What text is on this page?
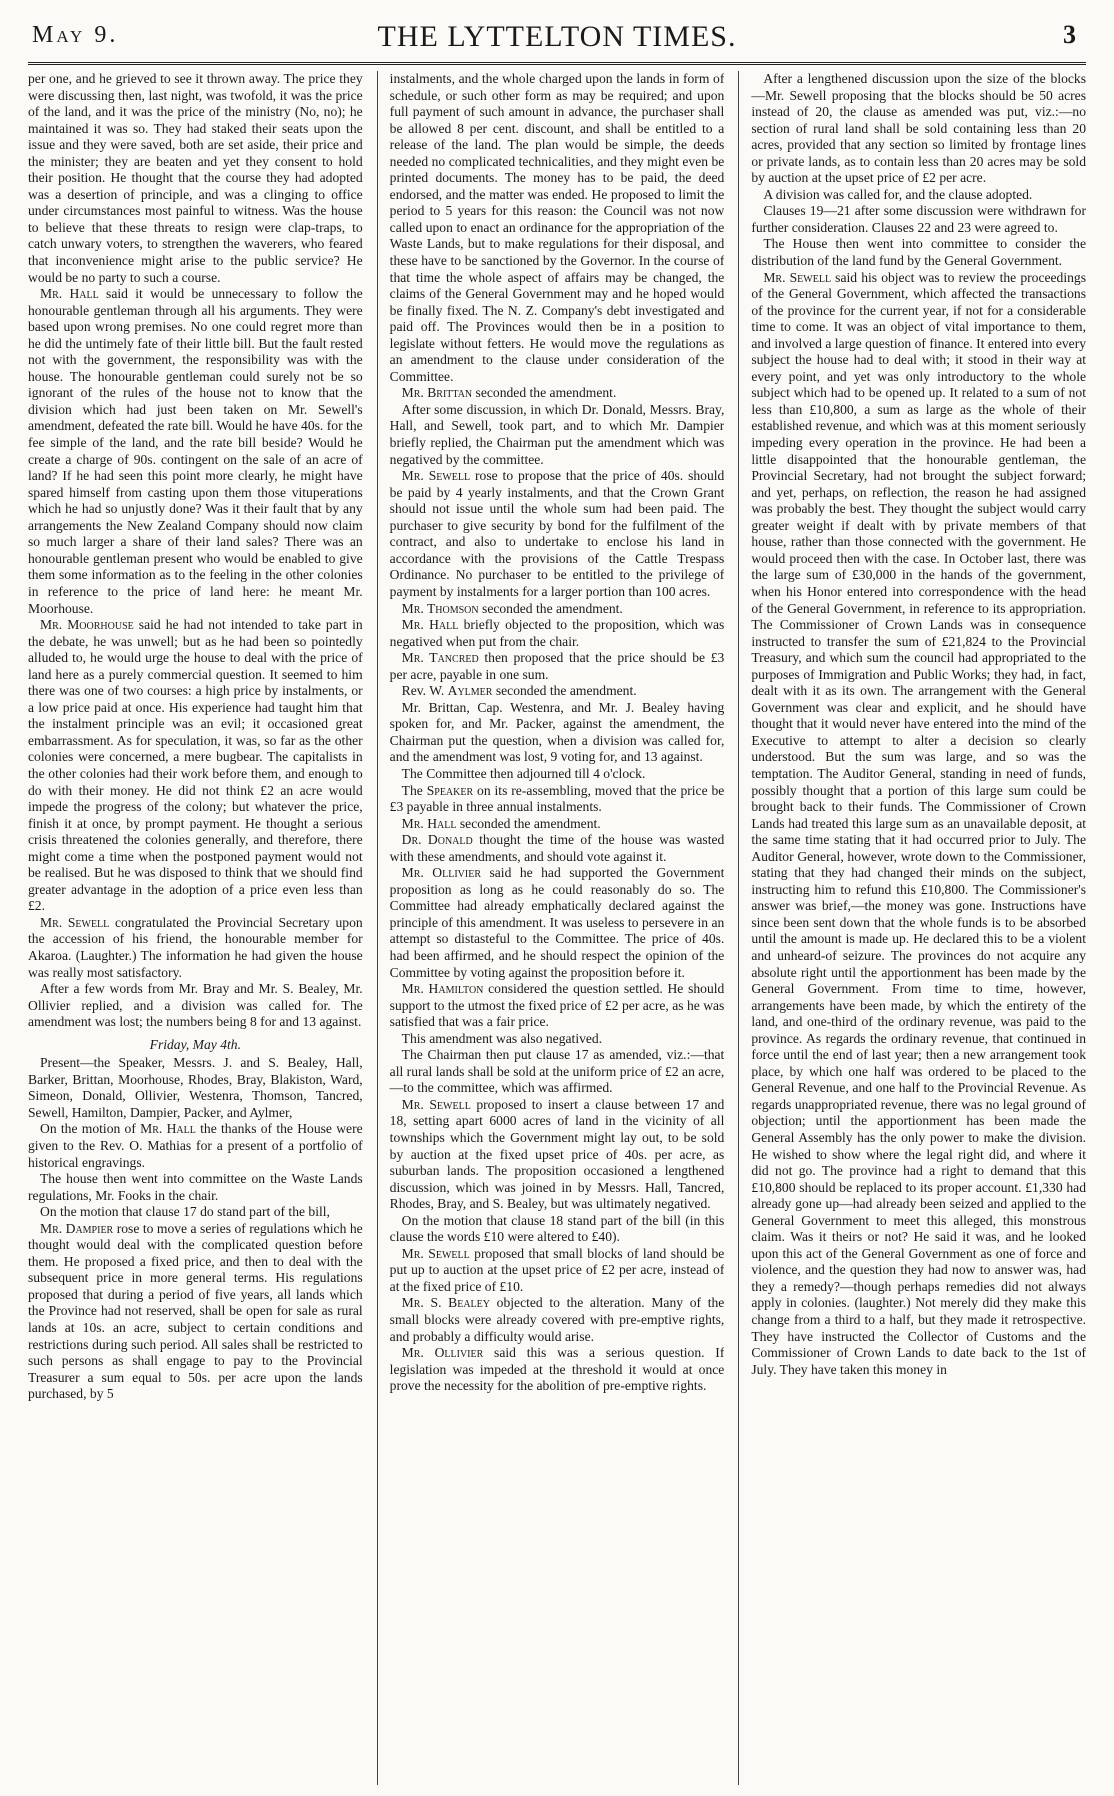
May 9.	THE LYTTELTON TIMES.	3

per one, and he grieved to see it thrown away. The price they were discussing then, last night, was twofold, it was the price of the land, and it was the price of the ministry (No, no); he maintained it was so. They had staked their seats upon the issue and they were saved, both are set aside, their price and the minister; they are beaten and yet they consent to hold their position. He thought that the course they had adopted was a desertion of principle, and was a clinging to office under circumstances most painful to witness. Was the house to believe that these threats to resign were clap-traps, to catch unwary voters, to strengthen the waverers, who feared that inconvenience might arise to the public service? He would be no party to such a course.

Mr. Hall said it would be unnecessary to follow the honourable gentleman through all his arguments. They were based upon wrong premises. No one could regret more than he did the untimely fate of their little bill. But the fault rested not with the government, the responsibility was with the house. The honourable gentleman could surely not be so ignorant of the rules of the house not to know that the division which had just been taken on Mr. Sewell's amendment, defeated the rate bill. Would he have 40s. for the fee simple of the land, and the rate bill beside? Would he create a charge of 90s. contingent on the sale of an acre of land? If he had seen this point more clearly, he might have spared himself from casting upon them those vituperations which he had so unjustly done? Was it their fault that by any arrangements the New Zealand Company should now claim so much larger a share of their land sales? There was an honourable gentleman present who would be enabled to give them some information as to the feeling in the other colonies in reference to the price of land here: he meant Mr. Moorhouse.

Mr. Moorhouse said he had not intended to take part in the debate, he was unwell; but as he had been so pointedly alluded to, he would urge the house to deal with the price of land here as a purely commercial question. It seemed to him there was one of two courses: a high price by instalments, or a low price paid at once. His experience had taught him that the instalment principle was an evil; it occasioned great embarrassment. As for speculation, it was, so far as the other colonies were concerned, a mere bugbear. The capitalists in the other colonies had their work before them, and enough to do with their money. He did not think £2 an acre would impede the progress of the colony; but whatever the price, finish it at once, by prompt payment. He thought a serious crisis threatened the colonies generally, and therefore, there might come a time when the postponed payment would not be realised. But he was disposed to think that we should find greater advantage in the adoption of a price even less than £2.

Mr. Sewell congratulated the Provincial Secretary upon the accession of his friend, the honourable member for Akaroa. (Laughter.) The information he had given the house was really most satisfactory.

After a few words from Mr. Bray and Mr. S. Bealey, Mr. Ollivier replied, and a division was called for. The amendment was lost; the numbers being 8 for and 13 against.

Friday, May 4th.

Present—the Speaker, Messrs. J. and S. Bealey, Hall, Barker, Brittan, Moorhouse, Rhodes, Bray, Blakiston, Ward, Simeon, Donald, Ollivier, Westenra, Thomson, Tancred, Sewell, Hamilton, Dampier, Packer, and Aylmer,

On the motion of Mr. Hall the thanks of the House were given to the Rev. O. Mathias for a present of a portfolio of historical engravings.

The house then went into committee on the Waste Lands regulations, Mr. Fooks in the chair.

On the motion that clause 17 do stand part of the bill,

Mr. Dampier rose to move a series of regulations which he thought would deal with the complicated question before them. He proposed a fixed price, and then to deal with the subsequent price in more general terms. His regulations proposed that during a period of five years, all lands which the Province had not reserved, shall be open for sale as rural lands at 10s. an acre, subject to certain conditions and restrictions during such period. All sales shall be restricted to such persons as shall engage to pay to the Provincial Treasurer a sum equal to 50s. per acre upon the lands purchased, by 5

instalments, and the whole charged upon the lands in form of schedule, or such other form as may be required; and upon full payment of such amount in advance, the purchaser shall be allowed 8 per cent. discount, and shall be entitled to a release of the land. The plan would be simple, the deeds needed no complicated technicalities, and they might even be printed documents. The money has to be paid, the deed endorsed, and the matter was ended. He proposed to limit the period to 5 years for this reason: the Council was not now called upon to enact an ordinance for the appropriation of the Waste Lands, but to make regulations for their disposal, and these have to be sanctioned by the Governor. In the course of that time the whole aspect of affairs may be changed, the claims of the General Government may and he hoped would be finally fixed. The N. Z. Company's debt investigated and paid off. The Provinces would then be in a position to legislate without fetters. He would move the regulations as an amendment to the clause under consideration of the Committee.

Mr. Brittan seconded the amendment.

After some discussion, in which Dr. Donald, Messrs. Bray, Hall, and Sewell, took part, and to which Mr. Dampier briefly replied, the Chairman put the amendment which was negatived by the committee.

Mr. Sewell rose to propose that the price of 40s. should be paid by 4 yearly instalments, and that the Crown Grant should not issue until the whole sum had been paid. The purchaser to give security by bond for the fulfilment of the contract, and also to undertake to enclose his land in accordance with the provisions of the Cattle Trespass Ordinance. No purchaser to be entitled to the privilege of payment by instalments for a larger portion than 100 acres.

Mr. Thomson seconded the amendment.

Mr. Hall briefly objected to the proposition, which was negatived when put from the chair.

Mr. Tancred then proposed that the price should be £3 per acre, payable in one sum.

Rev. W. Aylmer seconded the amendment.

Mr. Brittan, Cap. Westenra, and Mr. J. Bealey having spoken for, and Mr. Packer, against the amendment, the Chairman put the question, when a division was called for, and the amendment was lost, 9 voting for, and 13 against.

The Committee then adjourned till 4 o'clock.

The Speaker on its re-assembling, moved that the price be £3 payable in three annual instalments.

Mr. Hall seconded the amendment.

Dr. Donald thought the time of the house was wasted with these amendments, and should vote against it.

Mr. Ollivier said he had supported the Government proposition as long as he could reasonably do so. The Committee had already emphatically declared against the principle of this amendment. It was useless to persevere in an attempt so distasteful to the Committee. The price of 40s. had been affirmed, and he should respect the opinion of the Committee by voting against the proposition before it.

Mr. Hamilton considered the question settled. He should support to the utmost the fixed price of £2 per acre, as he was satisfied that was a fair price.

This amendment was also negatived.

The Chairman then put clause 17 as amended, viz.:—that all rural lands shall be sold at the uniform price of £2 an acre,—to the committee, which was affirmed.

Mr. Sewell proposed to insert a clause between 17 and 18, setting apart 6000 acres of land in the vicinity of all townships which the Government might lay out, to be sold by auction at the fixed upset price of 40s. per acre, as suburban lands. The proposition occasioned a lengthened discussion, which was joined in by Messrs. Hall, Tancred, Rhodes, Bray, and S. Bealey, but was ultimately negatived.

On the motion that clause 18 stand part of the bill (in this clause the words £10 were altered to £40).

Mr. Sewell proposed that small blocks of land should be put up to auction at the upset price of £2 per acre, instead of at the fixed price of £10.

Mr. S. Bealey objected to the alteration. Many of the small blocks were already covered with pre-emptive rights, and probably a difficulty would arise.

Mr. Ollivier said this was a serious question. If legislation was impeded at the threshold it would at once prove the necessity for the abolition of pre-emptive rights.

After a lengthened discussion upon the size of the blocks—Mr. Sewell proposing that the blocks should be 50 acres instead of 20, the clause as amended was put, viz.:—no section of rural land shall be sold containing less than 20 acres, provided that any section so limited by frontage lines or private lands, as to contain less than 20 acres may be sold by auction at the upset price of £2 per acre.

A division was called for, and the clause adopted.

Clauses 19—21 after some discussion were withdrawn for further consideration. Clauses 22 and 23 were agreed to.

The House then went into committee to consider the distribution of the land fund by the General Government.

Mr. Sewell said his object was to review the proceedings of the General Government, which affected the transactions of the province for the current year, if not for a considerable time to come. It was an object of vital importance to them, and involved a large question of finance. It entered into every subject the house had to deal with; it stood in their way at every point, and yet was only introductory to the whole subject which had to be opened up. It related to a sum of not less than £10,800, a sum as large as the whole of their established revenue, and which was at this moment seriously impeding every operation in the province. He had been a little disappointed that the honourable gentleman, the Provincial Secretary, had not brought the subject forward; and yet, perhaps, on reflection, the reason he had assigned was probably the best. They thought the subject would carry greater weight if dealt with by private members of that house, rather than those connected with the government. He would proceed then with the case. In October last, there was the large sum of £30,000 in the hands of the government, when his Honor entered into correspondence with the head of the General Government, in reference to its appropriation. The Commissioner of Crown Lands was in consequence instructed to transfer the sum of £21,824 to the Provincial Treasury, and which sum the council had appropriated to the purposes of Immigration and Public Works; they had, in fact, dealt with it as its own. The arrangement with the General Government was clear and explicit, and he should have thought that it would never have entered into the mind of the Executive to attempt to alter a decision so clearly understood. But the sum was large, and so was the temptation. The Auditor General, standing in need of funds, possibly thought that a portion of this large sum could be brought back to their funds. The Commissioner of Crown Lands had treated this large sum as an unavailable deposit, at the same time stating that it had occurred prior to July. The Auditor General, however, wrote down to the Commissioner, stating that they had changed their minds on the subject, instructing him to refund this £10,800. The Commissioner's answer was brief,—the money was gone. Instructions have since been sent down that the whole funds is to be absorbed until the amount is made up. He declared this to be a violent and unheard-of seizure. The provinces do not acquire any absolute right until the apportionment has been made by the General Government. From time to time, however, arrangements have been made, by which the entirety of the land, and one-third of the ordinary revenue, was paid to the province. As regards the ordinary revenue, that continued in force until the end of last year; then a new arrangement took place, by which one half was ordered to be placed to the General Revenue, and one half to the Provincial Revenue. As regards unappropriated revenue, there was no legal ground of objection; until the apportionment has been made the General Assembly has the only power to make the division. He wished to show where the legal right did, and where it did not go. The province had a right to demand that this £10,800 should be replaced to its proper account. £1,330 had already gone up—had already been seized and applied to the General Government to meet this alleged, this monstrous claim. Was it theirs or not? He said it was, and he looked upon this act of the General Government as one of force and violence, and the question they had now to answer was, had they a remedy?—though perhaps remedies did not always apply in colonies. (laughter.) Not merely did they make this change from a third to a half, but they made it retrospective. They have instructed the Collector of Customs and the Commissioner of Crown Lands to date back to the 1st of July. They have taken this money in
